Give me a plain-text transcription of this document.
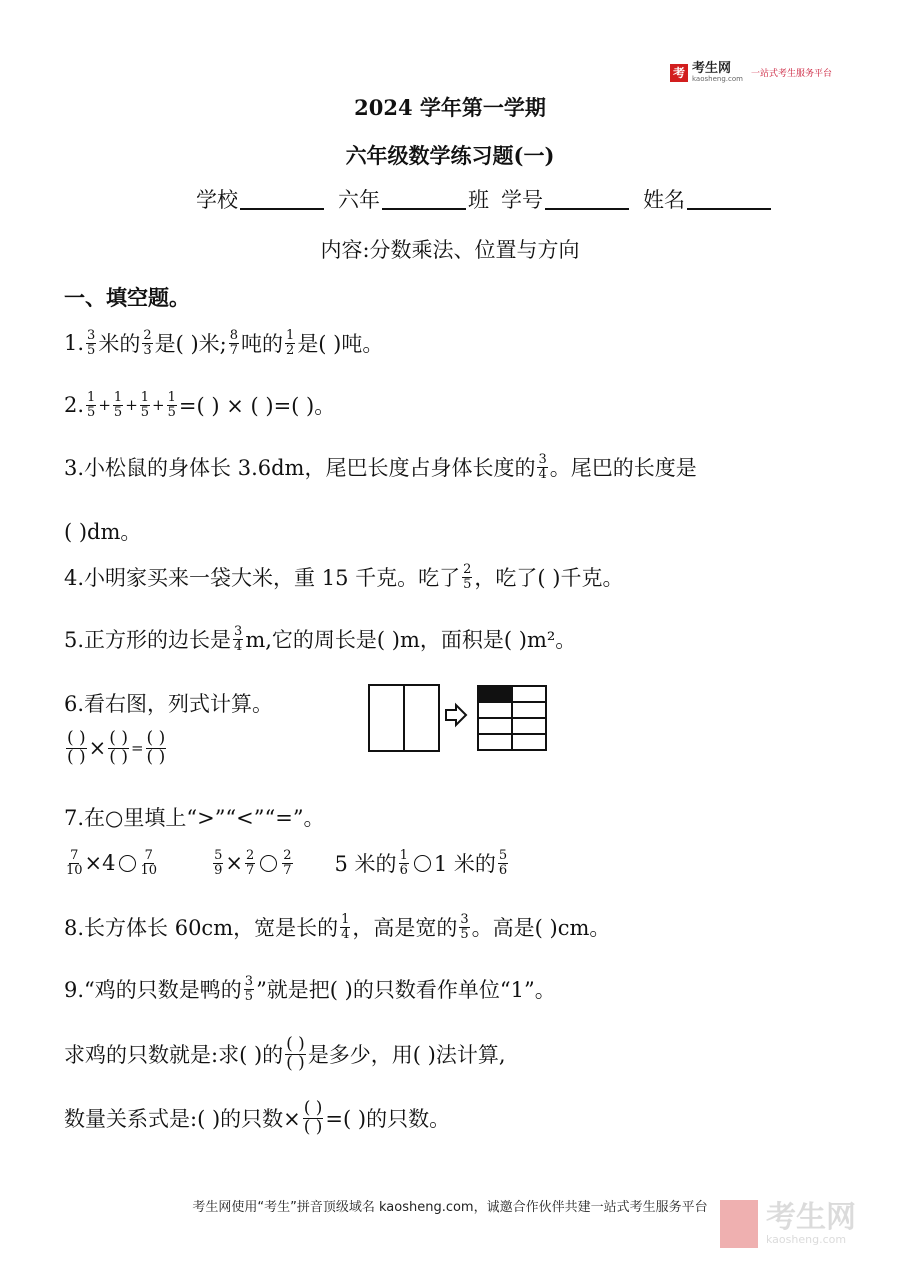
考 考生网
kaosheng.com 一站式考生服务平台
2024 学年第一学期
六年级数学练习题(一)
学校	六年	班 学号	姓名
内容:分数乘法、位置与方向
一、填空题。
1. $\frac{3}{5}$ 米的 $\frac{2}{3}$ 是( )米; $\frac{8}{7}$ 吨的 $\frac{1}{2}$ 是( )吨。
2. $\frac{1}{5} + \frac{1}{5} + \frac{1}{5} + \frac{1}{5}$ =( ) × ( )=( )。
3.小松鼠的身体长 3.6dm，尾巴长度占身体长度的 $\frac{3}{4}$ 。尾巴的长度是
( )dm。
4.小明家买来一袋大米，重 15 千克。吃了 $\frac{2}{5}$ ，吃了( )千克。
5.正方形的边长是 $\frac{3}{4} m$,它的周长是( )m，面积是( )m²。
6.看右图，列式计算。
$\frac{( )}{( )} \times \frac{( )}{( )} = \frac{( )}{( )}$
7.在○里填上“>”“<”“=”。
$\frac{7}{10} \times 4 \frac{7}{10}$	$\frac{5}{9} \times \frac{2}{7} \frac{2}{7} 5$ 米的 $\frac{1}{6} 1$ 米的 $\frac{5}{6}$
8.长方体长 60cm，宽是长的 $\frac{1}{4}$ ，高是宽的 $\frac{3}{5}$ 。高是( )cm。
9.“鸡的只数是鸭的 $\frac{3}{5}$ ”就是把( )的只数看作单位“1”。
求鸡的只数就是:求( )的 $\frac{( )}{( )}$ 是多少，用( )法计算,
数量关系式是:( )的只数× $\frac{( )}{( )}$ =( )的只数。
考生网使用“考生”拼音顶级域名 kaosheng.com，诚邀合作伙伴共建一站式考生服务平台	考生网
kaosheng.com
